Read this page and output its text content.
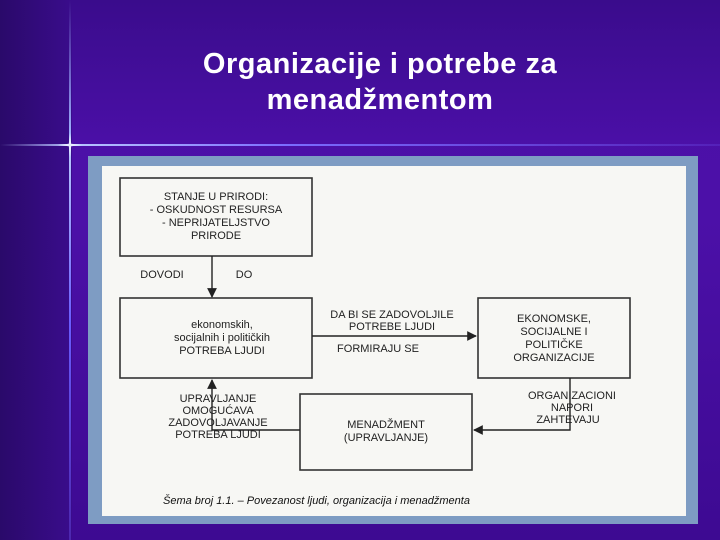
Organizacije i potrebe za
menadžmentom
STANJE U PRIRODI:
- OSKUDNOST RESURSA
- NEPRIJATELJSTVO
PRIRODE
DOVODI	DO
ekonomskih,
socijalnih i političkih
POTREBA LJUDI
DA BI SE ZADOVOLJILE
POTREBE LJUDI
FORMIRAJU SE
EKONOMSKE,
SOCIJALNE I
POLITIČKE
ORGANIZACIJE
ORGANIZACIONI
NAPORI
ZAHTEVAJU
UPRAVLJANJE
OMOGUĆAVA
ZADOVOLJAVANJE
POTREBA LJUDI
MENADŽMENT
(UPRAVLJANJE)
Šema broj 1.1. – Povezanost ljudi, organizacija i menadžmenta
